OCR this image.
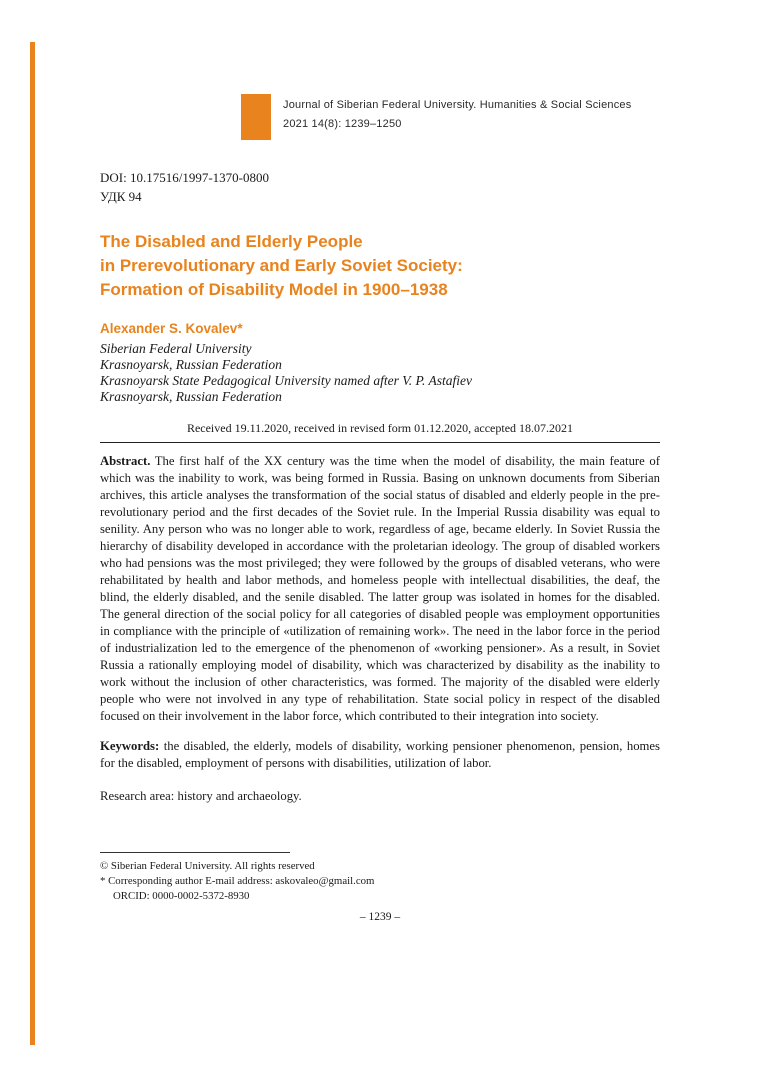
Journal of Siberian Federal University. Humanities & Social Sciences
2021 14(8): 1239–1250
DOI: 10.17516/1997-1370-0800
УДК 94
The Disabled and Elderly People
in Prerevolutionary and Early Soviet Society:
Formation of Disability Model in 1900–1938
Alexander S. Kovalev*
Siberian Federal University
Krasnoyarsk, Russian Federation
Krasnoyarsk State Pedagogical University named after V. P. Astafiev
Krasnoyarsk, Russian Federation
Received 19.11.2020, received in revised form 01.12.2020, accepted 18.07.2021

Abstract. The first half of the XX century was the time when the model of disability, the main feature of which was the inability to work, was being formed in Russia. Basing on unknown documents from Siberian archives, this article analyses the transformation of the social status of disabled and elderly people in the pre-revolutionary period and the first decades of the Soviet rule. In the Imperial Russia disability was equal to senility. Any person who was no longer able to work, regardless of age, became elderly. In Soviet Russia the hierarchy of disability developed in accordance with the proletarian ideology. The group of disabled workers who had pensions was the most privileged; they were followed by the groups of disabled veterans, who were rehabilitated by health and labor methods, and homeless people with intellectual disabilities, the deaf, the blind, the elderly disabled, and the senile disabled. The latter group was isolated in homes for the disabled. The general direction of the social policy for all categories of disabled people was employment opportunities in compliance with the principle of «utilization of remaining work». The need in the labor force in the period of industrialization led to the emergence of the phenomenon of «working pensioner». As a result, in Soviet Russia a rationally employing model of disability, which was characterized by disability as the inability to work without the inclusion of other characteristics, was formed. The majority of the disabled were elderly people who were not involved in any type of rehabilitation. State social policy in respect of the disabled focused on their involvement in the labor force, which contributed to their integration into society.

Keywords: the disabled, the elderly, models of disability, working pensioner phenomenon, pension, homes for the disabled, employment of persons with disabilities, utilization of labor.

Research area: history and archaeology.

© Siberian Federal University. All rights reserved
* Corresponding author E-mail address: askovaleo@gmail.com
ORCID: 0000-0002-5372-8930
– 1239 –
